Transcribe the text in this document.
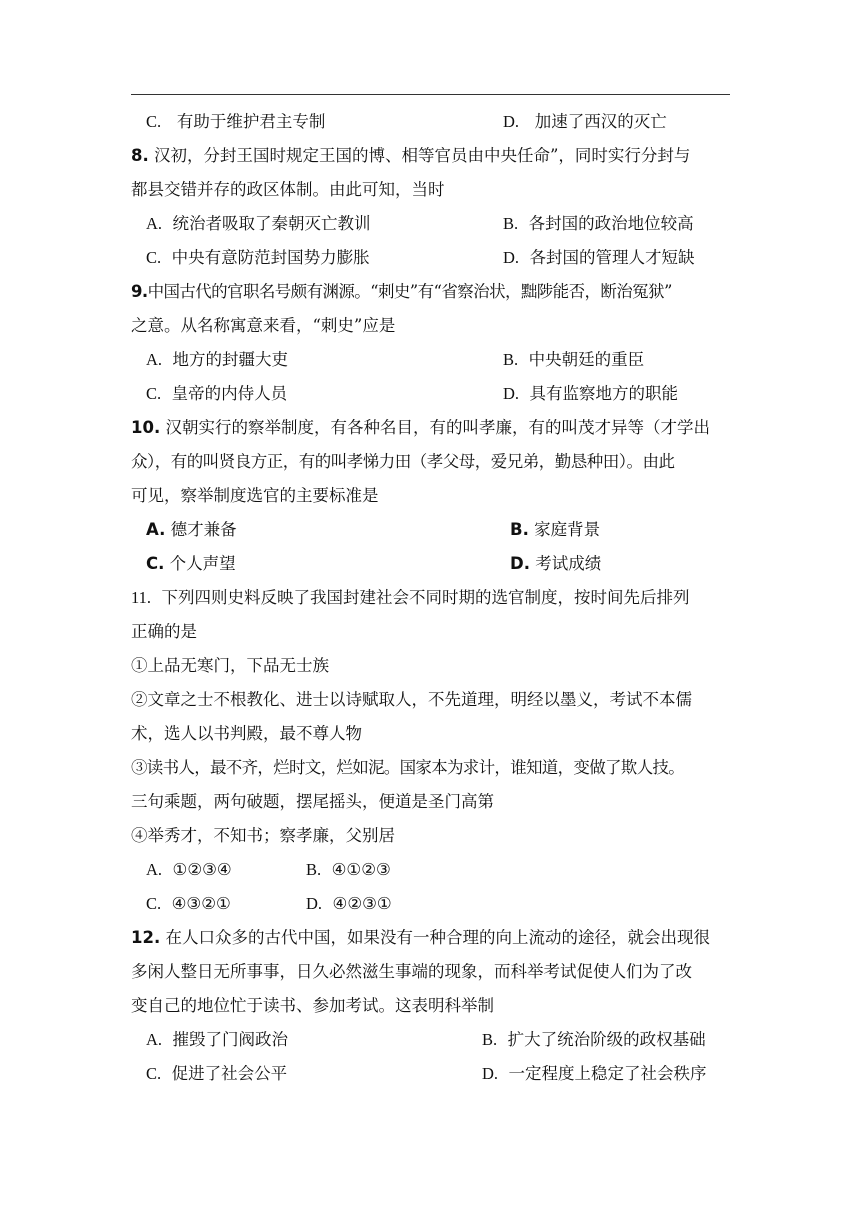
C. 有助于维护君主专制	D. 加速了西汉的灭亡
8. 汉初，分封王国时规定王国的博、相等官员由中央任命”，同时实行分封与
都县交错并存的政区体制。由此可知，当时
A. 统治者吸取了秦朝灭亡教训	B. 各封国的政治地位较高
C. 中央有意防范封国势力膨胀	D. 各封国的管理人才短缺
9.中国古代的官职名号颇有渊源。“刺史”有“省察治状，黜陟能否，断治冤狱”
之意。从名称寓意来看，“刺史”应是
A. 地方的封疆大吏	B. 中央朝廷的重臣
C. 皇帝的内侍人员	D. 具有监察地方的职能
10. 汉朝实行的察举制度，有各种名目，有的叫孝廉，有的叫茂才异等（才学出
众），有的叫贤良方正，有的叫孝悌力田（孝父母，爱兄弟，勤恳种田）。由此
可见，察举制度选官的主要标准是
A. 德才兼备	B. 家庭背景
C. 个人声望	D. 考试成绩
11. 下列四则史料反映了我国封建社会不同时期的选官制度，按时间先后排列
正确的是
①上品无寒门，下品无士族
②文章之士不根教化、进士以诗赋取人，不先道理，明经以墨义，考试不本儒
术，选人以书判殿，最不尊人物
③读书人，最不齐，烂时文，烂如泥。国家本为求计，谁知道，变做了欺人技。
三句乘题，两句破题，摆尾摇头，便道是圣门高第
④举秀才，不知书；察孝廉，父别居
A. ①②③④	B. ④①②③
C. ④③②①	D. ④②③①
12. 在人口众多的古代中国，如果没有一种合理的向上流动的途径，就会出现很
多闲人整日无所事事，日久必然滋生事端的现象，而科举考试促使人们为了改
变自己的地位忙于读书、参加考试。这表明科举制
A. 摧毁了门阀政治	B. 扩大了统治阶级的政权基础
C. 促进了社会公平	D. 一定程度上稳定了社会秩序
